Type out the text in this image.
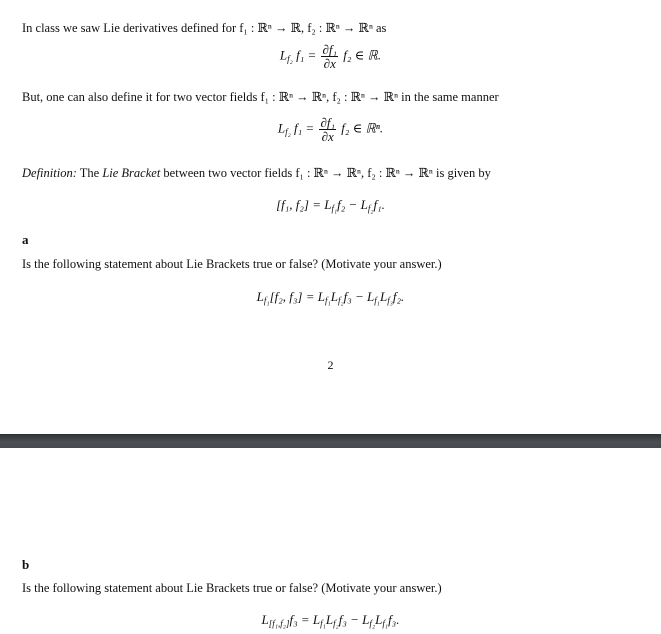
In class we saw Lie derivatives defined for f₁ : ℝⁿ → ℝ, f₂ : ℝⁿ → ℝⁿ as
$L_{f_2}$ $f_1 = \frac{\text{∂f₁}}{\partial x} f_2$ ∈ ℝ.
But, one can also define it for two vector fields f₁ : ℝⁿ → ℝⁿ, f₂ : ℝⁿ → ℝⁿ in the same manner
$L_{f_2}$ $f_1 = \frac{\text{∂f₁}}{\partial x} f_2$ ∈ ℝⁿ.
Definition: The Lie Bracket between two vector fields f₁ : ℝⁿ → ℝⁿ, f₂ : ℝⁿ → ℝⁿ is given by
[f₁, $f_2] = L_{f_1}f_2 - L_{f_2}f_1$.
a
Is the following statement about Lie Brackets true or false? (Motivate your answer.)
$L_{f_1}[f_2$, $f_3] = L_{f_1}L_{f_2}f_3 - L_{f_1}L_{f_3}f_2$.
2
b
Is the following statement about Lie Brackets true or false? (Motivate your answer.)
$L_{[f_1,f_2]}f_3 = L_{f_1}L_{f_2}f_3 - L_{f_2}L_{f_1}f_3$.
